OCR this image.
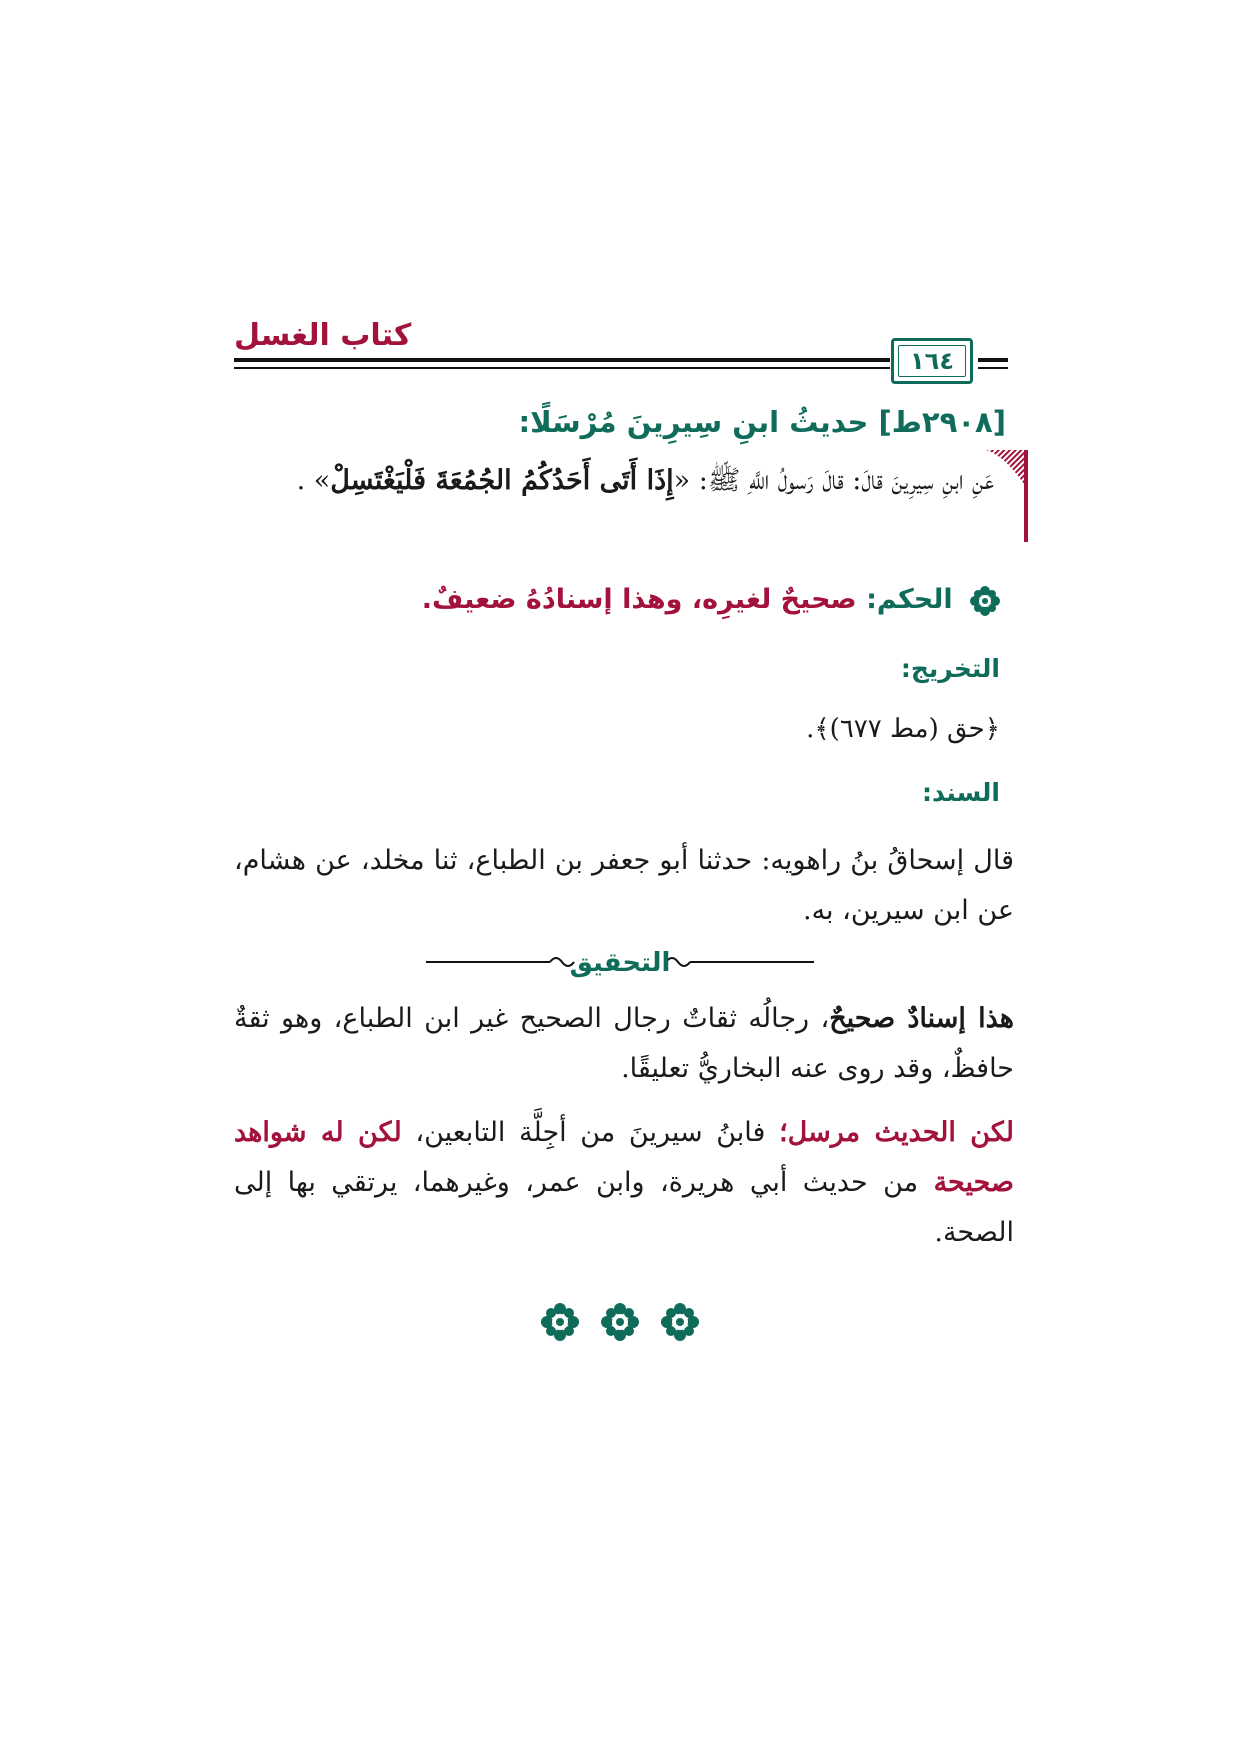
كتاب الغسل
١٦٤
[٢٩٠٨ط] حديثُ ابنِ سِيرِينَ مُرْسَلًا:
عَنِ ابنِ سِيرِينَ قالَ: قالَ رَسولُ اللَّهِ ﷺ: «إِذَا أَتَى أَحَدُكُمُ الجُمُعَةَ فَلْيَغْتَسِلْ» .
الحكم: صحيحٌ لغيرِه، وهذا إسنادُهُ ضعيفٌ.
التخريج:
﴿حق (مط ٦٧٧)﴾.
السند:
قال إسحاقُ بنُ راهويه: حدثنا أبو جعفر بن الطباع، ثنا مخلد، عن هشام، عن ابن سيرين، به.
التحقيق
هذا إسنادٌ صحيحٌ، رجالُه ثقاتٌ رجال الصحيح غير ابن الطباع، وهو ثقةٌ حافظٌ، وقد روى عنه البخاريُّ تعليقًا.
لكن الحديث مرسل؛ فابنُ سيرينَ من أجِلَّة التابعين، لكن له شواهد صحيحة من حديث أبي هريرة، وابن عمر، وغيرهما، يرتقي بها إلى الصحة.
